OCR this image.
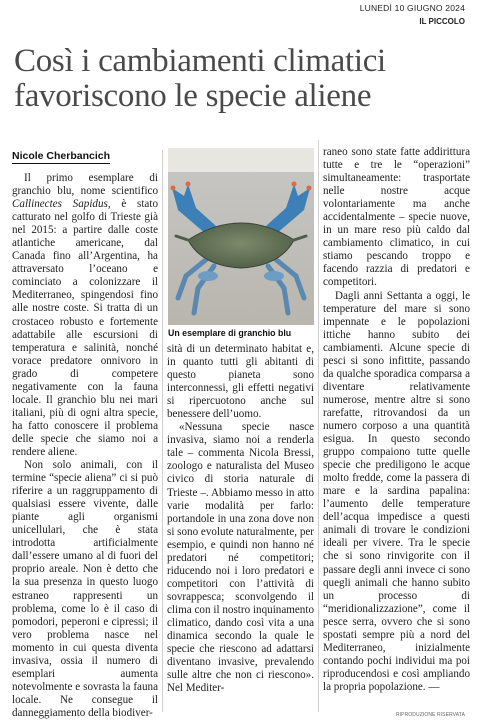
LUNEDÌ 10 GIUGNO 2024
IL PICCOLO
Così i cambiamenti climatici
favoriscono le specie aliene
Nicole Cherbancich

Il primo esemplare di granchio blu, nome scientifico Callinectes Sapidus, è stato catturato nel golfo di Trieste già nel 2015: a partire dalle coste atlantiche americane, dal Canada fino all’Argentina, ha attraversato l’oceano e cominciato a colonizzare il Mediterraneo, spingendosi fino alle nostre coste. Si tratta di un crostaceo robusto e fortemente adattabile alle escursioni di temperatura e salinità, nonché vorace predatore onnivoro in grado di competere negativamente con la fauna locale. Il granchio blu nei mari italiani, più di ogni altra specie, ha fatto conoscere il problema delle specie che siamo noi a rendere aliene.

Non solo animali, con il termine “specie aliena” ci si può riferire a un raggruppamento di qualsiasi essere vivente, dalle piante agli organismi unicellulari, che è stata introdotta artificialmente dall’essere umano al di fuori del proprio areale. Non è detto che la sua presenza in questo luogo estraneo rappresenti un problema, come lo è il caso di pomodori, peperoni e cipressi; il vero problema nasce nel momento in cui questa diventa invasiva, ossia il numero di esemplari aumenta notevolmente e sovrasta la fauna locale. Ne consegue il danneggiamento della biodiver-

Un esemplare di granchio blu

sità di un determinato habitat e, in quanto tutti gli abitanti di questo pianeta sono interconnessi, gli effetti negativi si ripercuotono anche sul benessere dell’uomo.

«Nessuna specie nasce invasiva, siamo noi a renderla tale – commenta Nicola Bressi, zoologo e naturalista del Museo civico di storia naturale di Trieste –. Abbiamo messo in atto varie modalità per farlo: portandole in una zona dove non si sono evolute naturalmente, per esempio, e quindi non hanno né predatori né competitori; riducendo noi i loro predatori e competitori con l’attività di sovrappesca; sconvolgendo il clima con il nostro inquinamento climatico, dando così vita a una dinamica secondo la quale le specie che riescono ad adattarsi diventano invasive, prevalendo sulle altre che non ci riescono». Nel Mediter-

raneo sono state fatte addirittura tutte e tre le “operazioni” simultaneamente: trasportate nelle nostre acque volontariamente ma anche accidentalmente – specie nuove, in un mare reso più caldo dal cambiamento climatico, in cui stiamo pescando troppo e facendo razzia di predatori e competitori.

Dagli anni Settanta a oggi, le temperature del mare si sono impennate e le popolazioni ittiche hanno subito dei cambiamenti. Alcune specie di pesci si sono infittite, passando da qualche sporadica comparsa a diventare relativamente numerose, mentre altre si sono rarefatte, ritrovandosi da un numero corposo a una quantità esigua. In questo secondo gruppo compaiono tutte quelle specie che prediligono le acque molto fredde, come la passera di mare e la sardina papalina: l’aumento delle temperature dell’acqua impedisce a questi animali di trovare le condizioni ideali per vivere. Tra le specie che si sono rinvigorite con il passare degli anni invece ci sono quegli animali che hanno subito un processo di “meridionalizzazione”, come il pesce serra, ovvero che si sono spostati sempre più a nord del Mediterraneo, inizialmente contando pochi individui ma poi riproducendosi e così ampliando la propria popolazione. —

RIPRODUZIONE RISERVATA
